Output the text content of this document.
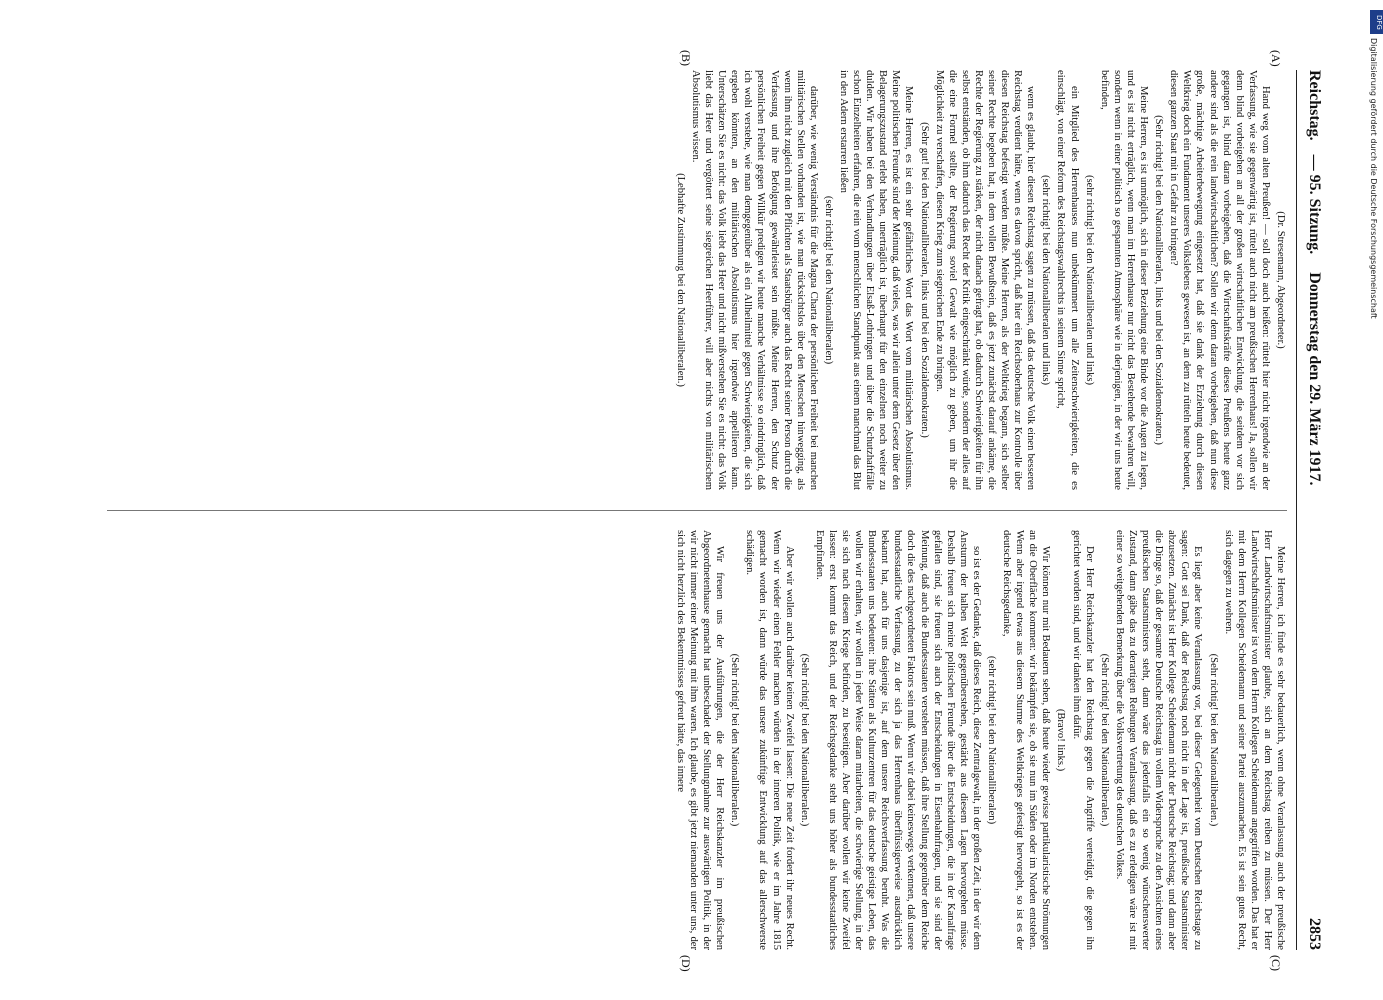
Reichstag. — 95. Sitzung. Donnerstag den 29. März 1917.
2853

(Dr. Stresemann, Abgeordneter.)

Hand weg vom alten Preußen! — soll doch auch heißen: rüttelt hier nicht irgendwie an der Verfassung, wie sie gegenwärtig ist, rüttelt auch nicht am preußischen Herrenhaus! Ja, sollen wir denn blind vorbeigehen an all der großen wirtschaftlichen Entwicklung, die seitdem vor sich gegangen ist, blind daran vorbeigehen, daß die Wirtschaftskräfte dieses Preußens heute ganz andere sind als die rein landwirtschaftlichen? Sollen wir denn daran vorbeigehen, daß nun diese große, mächtige Arbeiterbewegung eingesetzt hat, daß sie dank der Erziehung durch diesen Weltkrieg doch ein Fundament unseres Volkslebens gewesen ist, an dem zu rütteln heute bedeutet, diesen ganzen Staat mit in Gefahr zu bringen?

(Sehr richtig! bei den Nationalliberalen, links und bei den Sozialdemokraten.)

Meine Herren, es ist unmöglich, sich in dieser Beziehung eine Binde vor die Augen zu legen, und es ist nicht erträglich, wenn man im Herrenhause nur nicht das Bestehende bewahren will, sondern wenn in einer politisch so gespannten Atmosphäre wie in derjenigen, in der wir uns heute befinden,

(sehr richtig! bei den Nationalliberalen und links)

ein Mitglied des Herrenhauses nun unbekümmert um alle Zeitenschwierigkeiten, die es einschlägt, von einer Reform des Reichstagswahlrechts in seinem Sinne spricht,

(sehr richtig! bei den Nationalliberalen und links)

wenn es glaubt, hier diesen Reichstag sagen zu müssen, daß das deutsche Volk einen besseren Reichstag verdient hätte, wenn es davon spricht, daß hier ein Reichsoberhaus zur Kontrolle über diesen Reichstag befestigt werden müßte. Meine Herren, als der Weltkrieg begann, sich selber seiner Rechte begeben hat, in dem vollen Bewußtsein, daß es jetzt zunächst darauf ankäme, die Rechte der Regierung zu stärken, der nicht danach gefragt hat, ob dadurch Schwierigkeiten für ihn selbst entständen, ob ihm dadurch das Recht der Kritik eingeschränkt würde, sondern der alles auf die eine Formel stellte, der Regierung soviel Gewalt wie möglich zu geben, um ihr die Möglichkeit zu verschaffen, diesen Krieg zum siegreichen Ende zu bringen.

(Sehr gut! bei den Nationalliberalen, links und bei den Sozialdemokraten.)

Meine Herren, es ist ein sehr gefährliches Wort das Wort vom militärischen Absolutismus. Meine politischen Freunde sind der Meinung, daß vieles, was wir allein unter dem Gesetz über den Belagerungszustand erlebt haben, unerträglich ist, überhaupt für den einzelnen noch weiter zu dulden. Wir haben bei den Verhandlungen über Elsaß-Lothringen und über die Schutzhaftfälle schon Einzelheiten erfahren, die rein vom menschlichen Standpunkt aus einem manchmal das Blut in den Adern erstarren ließen

(sehr richtig! bei den Nationalliberalen)

darüber, wie wenig Verständnis für die Magna Charta der persönlichen Freiheit bei manchen militärischen Stellen vorhanden ist, wie man rücksichtslos über den Menschen hinwegging, als wenn ihm nicht zugleich mit den Pflichten als Staatsbürger auch das Recht seiner Person durch die Verfassung und ihre Befolgung gewährleistet sein müßte. Meine Herren, den Schutz der persönlichen Freiheit gegen Willkür predigen wir heute manche Verhältnisse so eindringlich, daß ich wohl verstehe, wie man demgegenüber als ein Allheilmittel gegen Schwierigkeiten, die sich ergeben könnten, an den militärischen Absolutismus hier irgendwie appellieren kann. Unterschätzen Sie es nicht: das Volk liebt das Heer und nicht mißverstehen Sie es nicht: das Volk liebt das Heer und vergöttert seine siegreichen Heerführer, will aber nichts von militärischem Absolutismus wissen.

(Lebhafte Zustimmung bei den Nationalliberalen.)

Meine Herren, ich finde es sehr bedauerlich, wenn ohne Veranlassung auch der preußische Herr Landwirtschaftsminister glaubte, sich an dem Reichstag reiben zu müssen. Der Herr Landwirtschaftsminister ist von dem Herrn Kollegen Scheidemann angegriffen worden. Das hat er mit dem Herrn Kollegen Scheidemann und seiner Partei auszumachen. Es ist sein gutes Recht, sich dagegen zu wehren.

(Sehr richtig! bei den Nationalliberalen.)

Es liegt aber keine Veranlassung vor, bei dieser Gelegenheit vom Deutschen Reichstage zu sagen: Gott sei Dank, daß der Reichstag noch nicht in der Lage ist, preußische Staatsminister abzusetzen. Zunächst ist Herr Kollege Scheidemann nicht der Deutsche Reichstag; und dann aber die Dinge so, daß der gesamte Deutsche Reichstag in vollem Widerspruche zu den Ansichten eines preußischen Staatsministers steht, dann wäre das jedenfalls ein so wenig wünschenswerter Zustand, dann gäbe das zu derartigen Reibungen Veranlassung, daß es zu erledigen wäre ist mit einer so weitgehenden Bemerkung über die Volksvertretung des deutschen Volkes.

(Sehr richtig! bei den Nationalliberalen.)

Der Herr Reichskanzler hat den Reichstag gegen die Angriffe verteidigt, die gegen ihn gerichtet worden sind, und wir danken ihm dafür.

(Bravo! links.)

Wir können nur mit Bedauern sehen, daß heute wieder gewisse partikularistische Strömungen an die Oberfläche kommen: wir bekämpfen sie, ob sie nun im Süden oder im Norden entstehen. Wenn aber irgend etwas aus diesem Sturme des Weltkrieges gefestigt hervorgeht, so ist es der deutsche Reichsgedanke,

(sehr richtig! bei den Nationalliberalen)

so ist es der Gedanke, daß dieses Reich, diese Zentralgewalt, in der großen Zeit, in der wir dem Ansturm der halben Welt gegenüberstehen, gestärkt aus diesem Lagen hervorgehen müsse. Deshalb freuen sich meine politischen Freunde über die Entscheidungen, die in der Kanalfrage gefallen sind, sie freuen sich auch der Entscheidungen in Eisenbahnfragen, und sie sind der Meinung, daß auch die Bundesstaaten verstehen müssen, daß ihre Stellung gegenüber dem Reiche doch die des nachgeordneten Faktors sein muß. Wenn wir dabei keineswegs verkennen, daß unsere bundesstaatliche Verfassung, zu der sich ja das Herrenhaus überflüssigerweise ausdrücklich bekannt hat, auch für uns dasjenige ist, auf dem unsere Reichsverfassung beruht. Was die Bundesstaaten uns bedeuten: ihre Stätten als Kulturzentren für das deutsche geistige Leben, das wollen wir erhalten, wir wollen in jeder Weise daran mitarbeiten, die schwierige Stellung, in der sie sich nach diesem Kriege befinden, zu beseitigen. Aber darüber wollen wir keine Zweifel lassen: erst kommt das Reich, und der Reichsgedanke steht uns höher als bundesstaatliches Empfinden.

(Sehr richtig! bei den Nationalliberalen.)

Aber wir wollen auch darüber keinen Zweifel lassen: Die neue Zeit fordert ihr neues Recht. Wenn wir wieder einen Fehler machen würden in der inneren Politik, wie er im Jahre 1815 gemacht worden ist, dann würde das unsere zukünftige Entwicklung auf das allerschwerste schädigen.

(Sehr richtig! bei den Nationalliberalen.)

Wir freuen uns der Ausführungen, die der Herr Reichskanzler im preußischen Abgeordnetenhause gemacht hat unbeschadet der Stellungnahme zur auswärtigen Politik, in der wir nicht immer einer Meinung mit ihm waren. Ich glaube, es gibt jetzt niemanden unter uns, der sich nicht herzlich des Bekenntnisses gefreut hätte, das innere

(A)
(B)
(C)
(D)
DFG
Digitalisierung gefördert durch die Deutsche Forschungsgemeinschaft
